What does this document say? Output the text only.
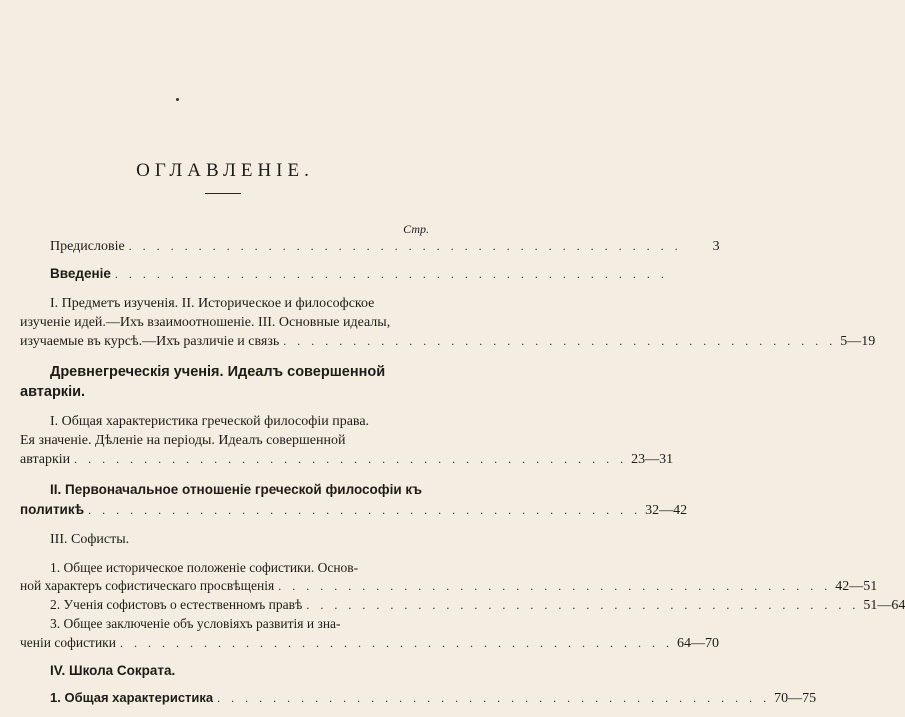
ОГЛАВЛЕНІЕ.
Стр.
Предисловіе . . . . . . . . . . . . . . . . . . . . . . . . . . . . . . . . . . . . . . . .	3
Введеніе . . . . . . . . . . . . . . . . . . . . . . . . . . . . . . . . . . . . . . . .
I. Предметъ изученія. II. Историческое и философское
изученіе идей.—Ихъ взаимоотношеніе. III. Основные идеалы,
изучаемые въ курсѣ.—Ихъ различіе и связь . . . . . . . . . . . . . . . . . . . . . . . . . . . . . . . . . . . . . . . . 5—19
Древнегреческія ученія. Идеалъ совершенной
автаркіи.
I. Общая характеристика греческой философіи права.
Ея значеніе. Дѣленіе на періоды. Идеалъ совершенной
автаркіи . . . . . . . . . . . . . . . . . . . . . . . . . . . . . . . . . . . . . . . . 23—31
II. Первоначальное отношеніе греческой философіи къ
политикѣ . . . . . . . . . . . . . . . . . . . . . . . . . . . . . . . . . . . . . . . . 32—42
III. Софисты.
1. Общее историческое положеніе софистики. Основ-
ной характеръ софистическаго просвѣщенія . . . . . . . . . . . . . . . . . . . . . . . . . . . . . . . . . . . . . . . . 42—51
2. Ученія софистовъ о естественномъ правѣ . . . . . . . . . . . . . . . . . . . . . . . . . . . . . . . . . . . . . . . . 51—64
3. Общее заключеніе объ условіяхъ развитія и зна-
ченіи софистики . . . . . . . . . . . . . . . . . . . . . . . . . . . . . . . . . . . . . . . . 64—70
IV. Школа Сократа.
1. Общая характеристика . . . . . . . . . . . . . . . . . . . . . . . . . . . . . . . . . . . . . . . . 70—75
